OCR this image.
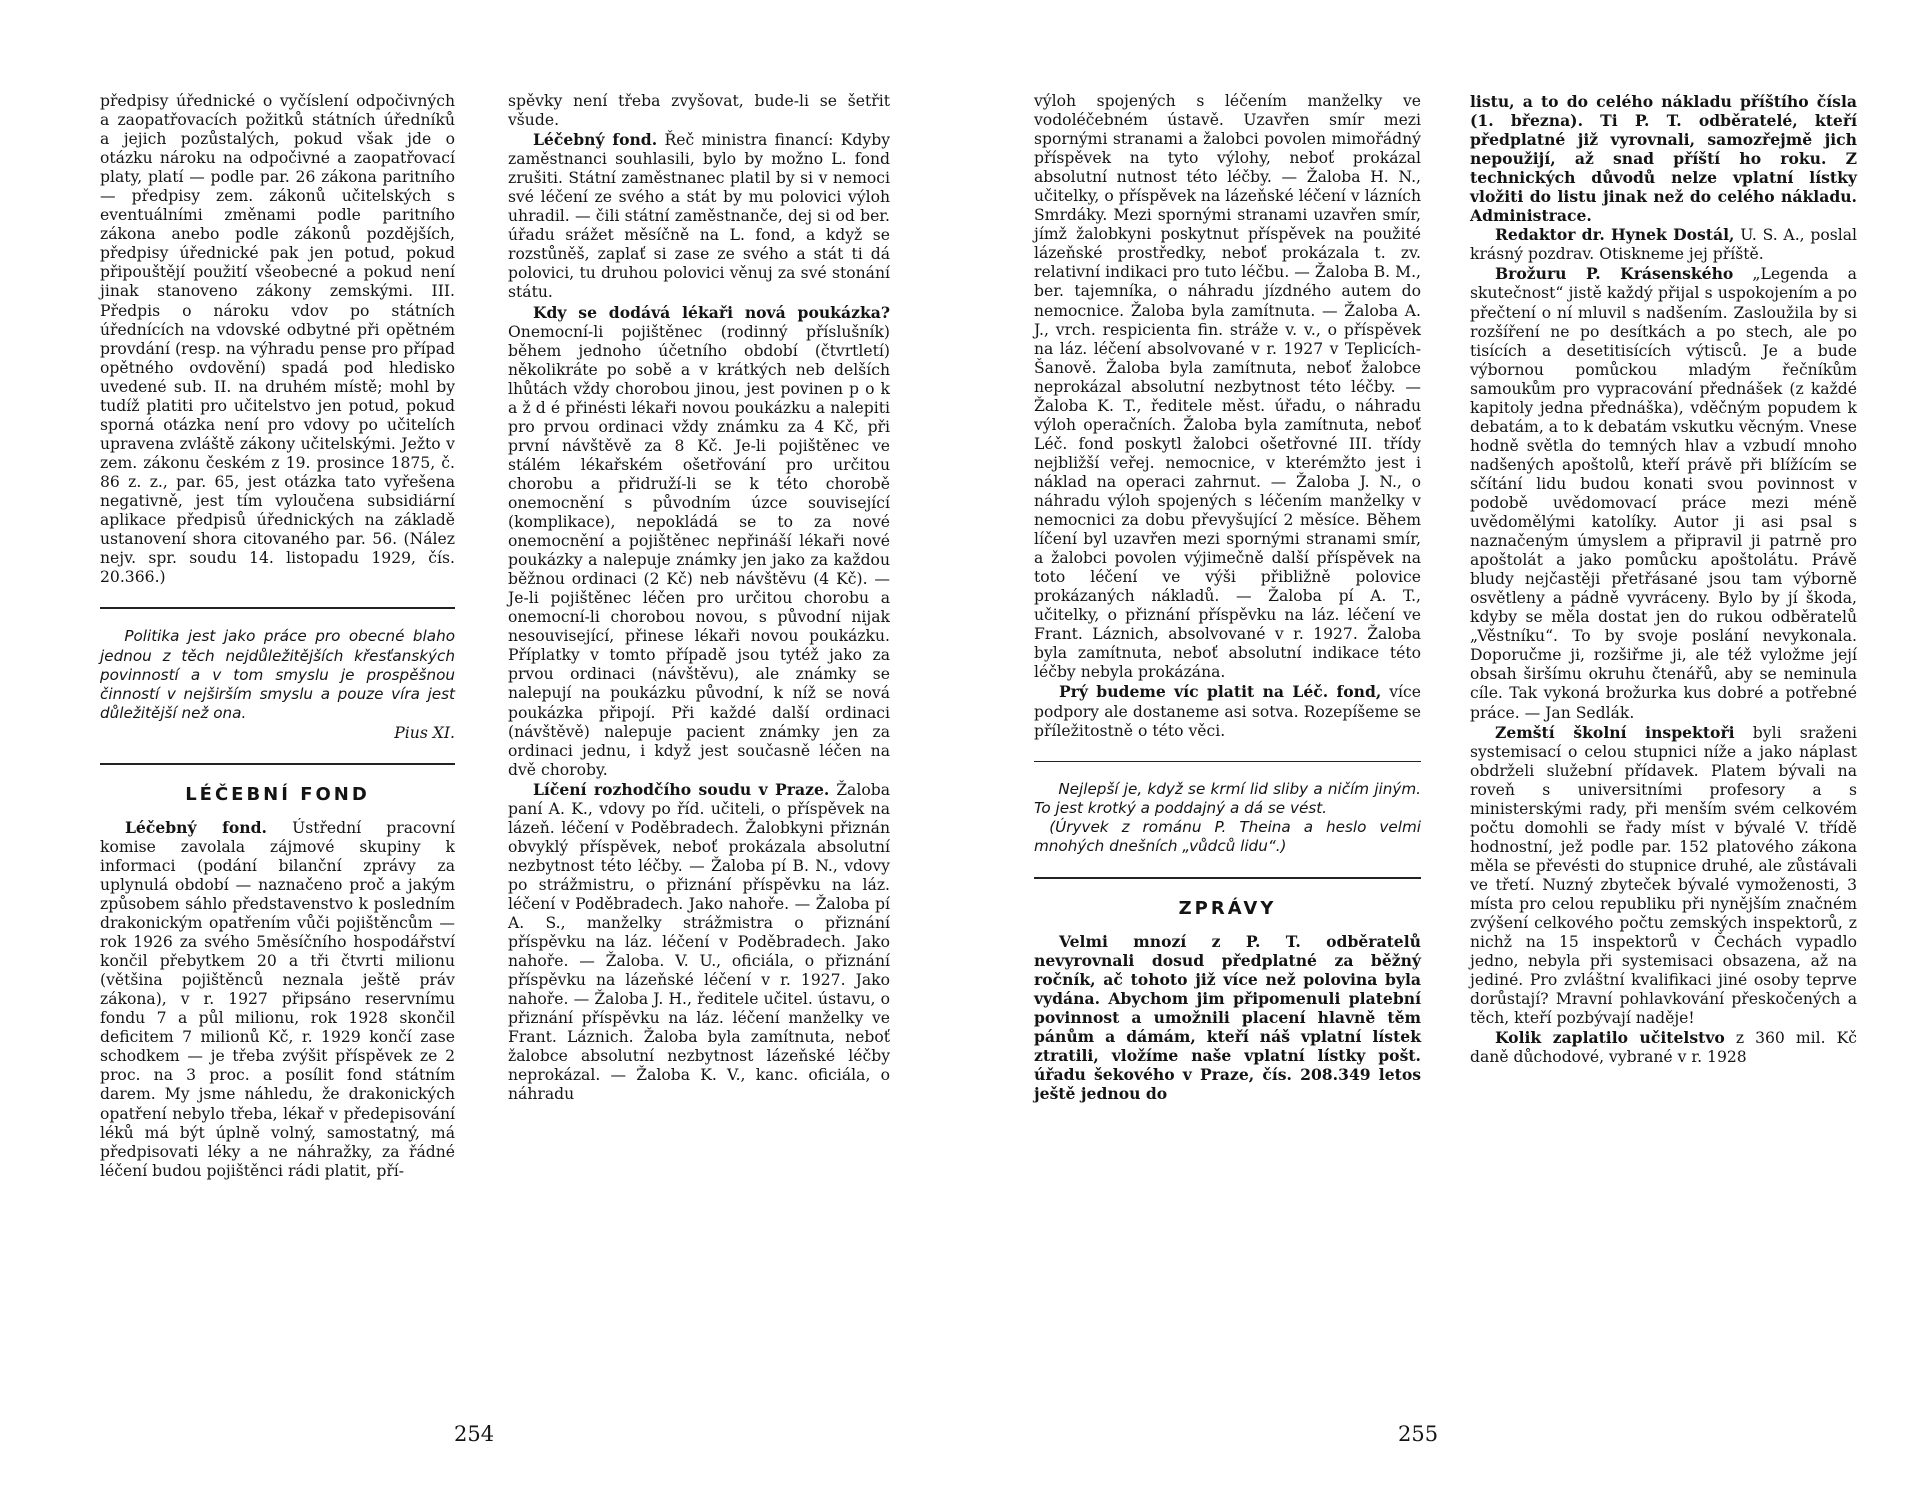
předpisy úřednické o vyčíslení odpočivných a zaopatřovacích požitků státních úředníků a jejich pozůstalých, pokud však jde o otázku nároku na odpočivné a zaopatřovací platy, platí — podle par. 26 zákona paritního — předpisy zem. zákonů učitelských s eventuálními změnami podle paritního zákona anebo podle zákonů pozdějších, předpisy úřednické pak jen potud, pokud připouštějí použití všeobecné a pokud není jinak stanoveno zákony zemskými. III. Předpis o nároku vdov po státních úřednících na vdovské odbytné při opětném provdání (resp. na výhradu pense pro případ opětného ovdovění) spadá pod hledisko uvedené sub. II. na druhém místě; mohl by tudíž platiti pro učitelstvo jen potud, pokud sporná otázka není pro vdovy po učitelích upravena zvláště zákony učitelskými. Ježto v zem. zákonu českém z 19. prosince 1875, č. 86 z. z., par. 65, jest otázka tato vyřešena negativně, jest tím vyloučena subsidiární aplikace předpisů úřednických na základě ustanovení shora citovaného par. 56. (Nález nejv. spr. soudu 14. listopadu 1929, čís. 20.366.)

Politika jest jako práce pro obecné blaho jednou z těch nejdůležitějších křesťanských povinností a v tom smyslu je prospěšnou činností v nejširším smyslu a pouze víra jest důležitější než ona.

Pius XI.
LÉČEBNÍ FOND

Léčebný fond. Ústřední pracovní komise zavolala zájmové skupiny k informaci (podání bilanční zprávy za uplynulá období — naznačeno proč a jakým způsobem sáhlo představenstvo k posledním drakonickým opatřením vůči pojištěncům — rok 1926 za svého 5měsíčního hospodářství končil přebytkem 20 a tři čtvrti milionu (většina pojištěnců neznala ještě práv zákona), v r. 1927 připsáno reservnímu fondu 7 a půl milionu, rok 1928 skončil deficitem 7 milionů Kč, r. 1929 končí zase schodkem — je třeba zvýšit příspěvek ze 2 proc. na 3 proc. a posílit fond státním darem. My jsme náhledu, že drakonických opatření nebylo třeba, lékař v předepisování léků má být úplně volný, samostatný, má předpisovati léky a ne náhražky, za řádné léčení budou pojištěnci rádi platit, pří-

spěvky není třeba zvyšovat, bude-li se šetřit všude.

Léčebný fond. Řeč ministra financí: Kdyby zaměstnanci souhlasili, bylo by možno L. fond zrušiti. Státní zaměstnanec platil by si v nemoci své léčení ze svého a stát by mu polovici výloh uhradil. — čili státní zaměstnanče, dej si od ber. úřadu srážet měsíčně na L. fond, a když se rozstůněš, zaplať si zase ze svého a stát ti dá polovici, tu druhou polovici věnuj za své stonání státu.

Kdy se dodává lékaři nová poukázka? Onemocní-li pojištěnec (rodinný příslušník) během jednoho účetního období (čtvrtletí) několikráte po sobě a v krátkých neb delších lhůtách vždy chorobou jinou, jest povinen p o k a ž d é přinésti lékaři novou poukázku a nalepiti pro prvou ordinaci vždy známku za 4 Kč, při první návštěvě za 8 Kč. Je-li pojištěnec ve stálém lékařském ošetřování pro určitou chorobu a přidruží-li se k této chorobě onemocnění s původním úzce související (komplikace), nepokládá se to za nové onemocnění a pojištěnec nepřináší lékaři nové poukázky a nalepuje známky jen jako za každou běžnou ordinaci (2 Kč) neb návštěvu (4 Kč). — Je-li pojištěnec léčen pro určitou chorobu a onemocní-li chorobou novou, s původní nijak nesouvisející, přinese lékaři novou poukázku. Příplatky v tomto případě jsou tytéž jako za prvou ordinaci (návštěvu), ale známky se nalepují na poukázku původní, k níž se nová poukázka připojí. Při každé další ordinaci (návštěvě) nalepuje pacient známky jen za ordinaci jednu, i když jest současně léčen na dvě choroby.

Líčení rozhodčího soudu v Praze. Žaloba paní A. K., vdovy po říd. učiteli, o příspěvek na lázeň. léčení v Poděbradech. Žalobkyni přiznán obvyklý příspěvek, neboť prokázala absolutní nezbytnost této léčby. — Žaloba pí B. N., vdovy po strážmistru, o přiznání příspěvku na láz. léčení v Poděbradech. Jako nahoře. — Žaloba pí A. S., manželky strážmistra o přiznání příspěvku na láz. léčení v Poděbradech. Jako nahoře. — Žaloba. V. U., oficiála, o přiznání příspěvku na lázeňské léčení v r. 1927. Jako nahoře. — Žaloba J. H., ředitele učitel. ústavu, o přiznání příspěvku na láz. léčení manželky ve Frant. Láznich. Žaloba byla zamítnuta, neboť žalobce absolutní nezbytnost lázeňské léčby neprokázal. — Žaloba K. V., kanc. oficiála, o náhradu

254

výloh spojených s léčením manželky ve vodoléčebném ústavě. Uzavřen smír mezi spornými stranami a žalobci povolen mimořádný příspěvek na tyto výlohy, neboť prokázal absolutní nutnost této léčby. — Žaloba H. N., učitelky, o příspěvek na lázeňské léčení v lázních Smrdáky. Mezi spornými stranami uzavřen smír, jímž žalobkyni poskytnut příspěvek na použité lázeňské prostředky, neboť prokázala t. zv. relativní indikaci pro tuto léčbu. — Žaloba B. M., ber. tajemníka, o náhradu jízdného autem do nemocnice. Žaloba byla zamítnuta. — Žaloba A. J., vrch. respicienta fin. stráže v. v., o příspěvek na láz. léčení absolvované v r. 1927 v Teplicích-Šanově. Žaloba byla zamítnuta, neboť žalobce neprokázal absolutní nezbytnost této léčby. — Žaloba K. T., ředitele měst. úřadu, o náhradu výloh operačních. Žaloba byla zamítnuta, neboť Léč. fond poskytl žalobci ošetřovné III. třídy nejbližší veřej. nemocnice, v kterémžto jest i náklad na operaci zahrnut. — Žaloba J. N., o náhradu výloh spojených s léčením manželky v nemocnici za dobu převyšující 2 měsíce. Během líčení byl uzavřen mezi spornými stranami smír, a žalobci povolen výjimečně další příspěvek na toto léčení ve výši přibližně polovice prokázaných nákladů. — Žaloba pí A. T., učitelky, o přiznání příspěvku na láz. léčení ve Frant. Láznich, absolvované v r. 1927. Žaloba byla zamítnuta, neboť absolutní indikace této léčby nebyla prokázána.

Prý budeme víc platit na Léč. fond, více podpory ale dostaneme asi sotva. Rozepíšeme se příležitostně o této věci.

Nejlepší je, když se krmí lid sliby a ničím jiným. To jest krotký a poddajný a dá se vést.

(Úryvek z románu P. Theina a heslo velmi mnohých dnešních „vůdců lidu“.)

ZPRÁVY

Velmi mnozí z P. T. odběratelů nevyrovnali dosud předplatné za běžný ročník, ač tohoto již více než polovina byla vydána. Abychom jim připomenuli platební povinnost a umožnili placení hlavně těm pánům a dámám, kteří náš vplatní lístek ztratili, vložíme naše vplatní lístky pošt. úřadu šekového v Praze, čís. 208.349 letos ještě jednou do

listu, a to do celého nákladu příštího čísla (1. března). Ti P. T. odběratelé, kteří předplatné již vyrovnali, samozřejmě jich nepoužijí, až snad příští ho roku. Z technických důvodů nelze vplatní lístky vložiti do listu jinak než do celého nákladu. Administrace.

Redaktor dr. Hynek Dostál, U. S. A., poslal krásný pozdrav. Otiskneme jej příště.

Brožuru P. Krásenského „Legenda a skutečnost“ jistě každý přijal s uspokojením a po přečtení o ní mluvil s nadšením. Zasloužila by si rozšíření ne po desítkách a po stech, ale po tisících a desetitisících výtisců. Je a bude výbornou pomůckou mladým řečníkům samoukům pro vypracování přednášek (z každé kapitoly jedna přednáška), vděčným popudem k debatám, a to k debatám vskutku věcným. Vnese hodně světla do temných hlav a vzbudí mnoho nadšených apoštolů, kteří právě při blížícím se sčítání lidu budou konati svou povinnost v podobě uvědomovací práce mezi méně uvědomělými katolíky. Autor ji asi psal s naznačeným úmyslem a připravil ji patrně pro apoštolát a jako pomůcku apoštolátu. Právě bludy nejčastěji přetřásané jsou tam výborně osvětleny a pádně vyvráceny. Bylo by jí škoda, kdyby se měla dostat jen do rukou odběratelů „Věstníku“. To by svoje poslání nevykonala. Doporučme ji, rozšiřme ji, ale též vyložme její obsah širšímu okruhu čtenářů, aby se neminula cíle. Tak vykoná brožurka kus dobré a potřebné práce. — Jan Sedlák.

Zemští školní inspektoři byli sraženi systemisací o celou stupnici níže a jako náplast obdrželi služební přídavek. Platem bývali na roveň s universitními profesory a s ministerskými rady, při menším svém celkovém počtu domohli se řady míst v bývalé V. třídě hodnostní, jež podle par. 152 platového zákona měla se převésti do stupnice druhé, ale zůstávali ve třetí. Nuzný zbyteček bývalé vymoženosti, 3 místa pro celou republiku při nynějším značném zvýšení celkového počtu zemských inspektorů, z nichž na 15 inspektorů v Čechách vypadlo jedno, nebyla při systemisaci obsazena, až na jediné. Pro zvláštní kvalifikaci jiné osoby teprve dorůstají? Mravní pohlavkování přeskočených a těch, kteří pozbývají naděje!

Kolik zaplatilo učitelstvo z 360 mil. Kč daně důchodové, vybrané v r. 1928

255
